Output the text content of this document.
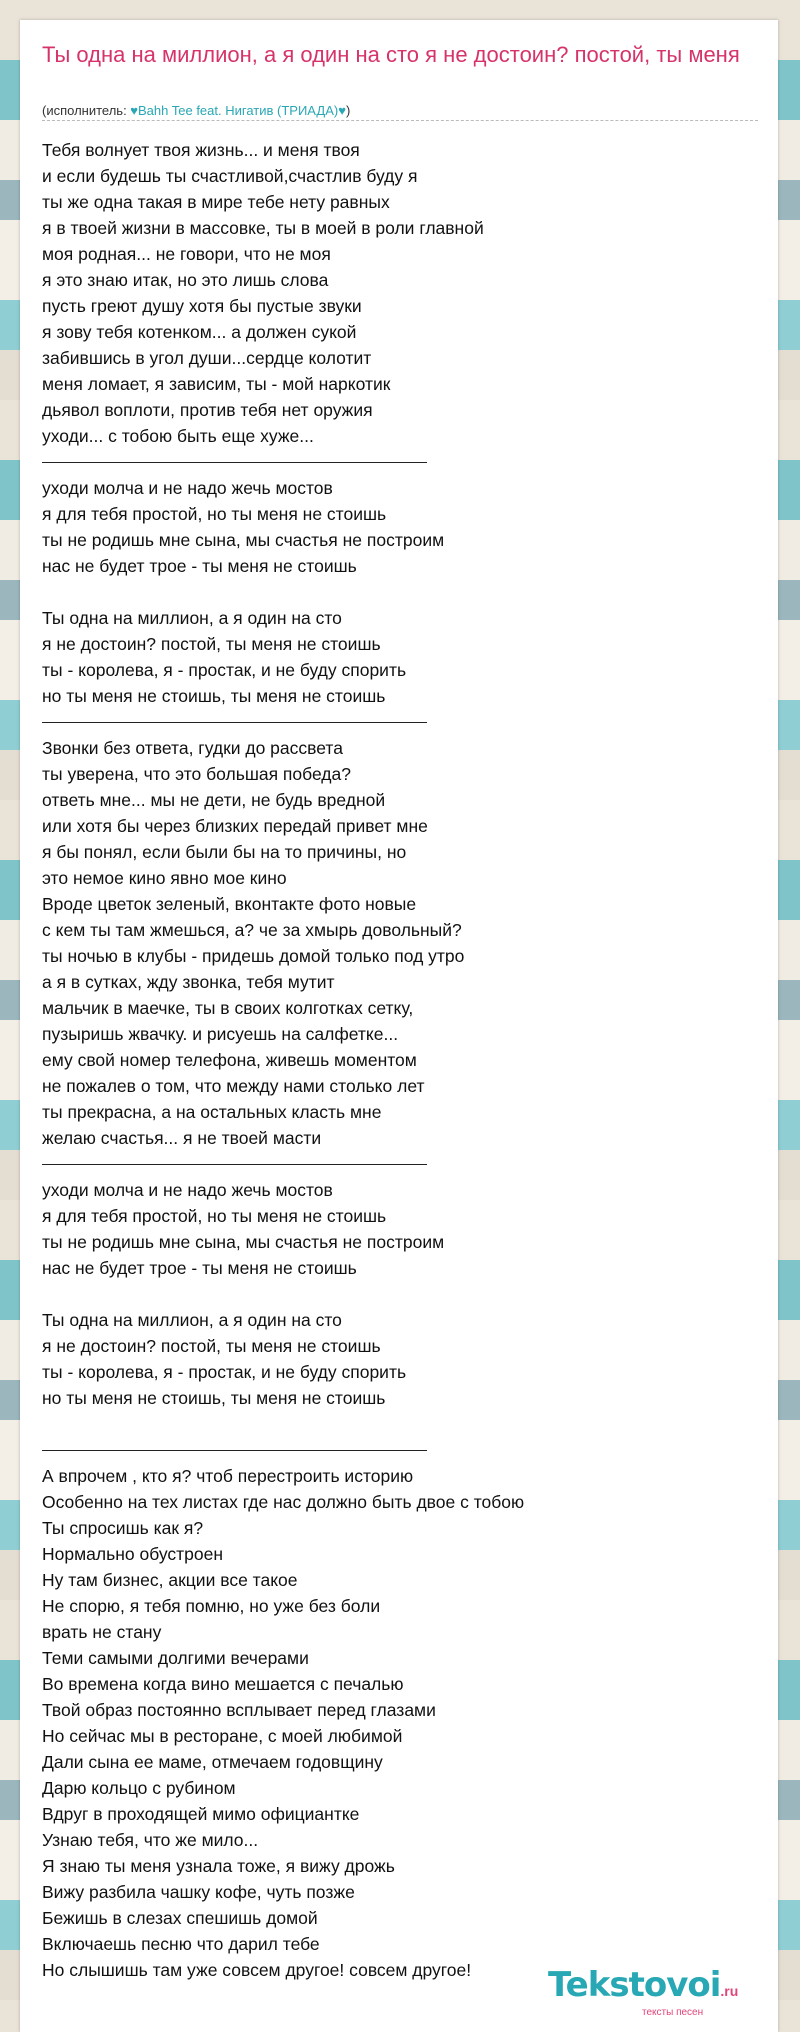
Ты одна на миллион, а я один на сто я не достоин? постой, ты меня
(исполнитель: ♥Bahh Tee feat. Нигатив (ТРИАДА)♥)
Тебя волнует твоя жизнь... и меня твоя
и если будешь ты счастливой,счастлив буду я
ты же одна такая в мире тебе нету равных
я в твоей жизни в массовке, ты в моей в роли главной
моя родная... не говори, что не моя
я это знаю итак, но это лишь слова
пусть греют душу хотя бы пустые звуки
я зову тебя котенком... а должен сукой
забившись в угол души...сердце колотит
меня ломает, я зависим, ты - мой наркотик
дьявол воплоти, против тебя нет оружия
уходи... с тобою быть еще хуже...
уходи молча и не надо жечь мостов
я для тебя простой, но ты меня не стоишь
ты не родишь мне сына, мы счастья не построим
нас не будет трое - ты меня не стоишь
Ты одна на миллион, а я один на сто
я не достоин? постой, ты меня не стоишь
ты - королева, я - простак, и не буду спорить
но ты меня не стоишь, ты меня не стоишь
Звонки без ответа, гудки до рассвета
ты уверена, что это большая победа?
ответь мне... мы не дети, не будь вредной
или хотя бы через близких передай привет мне
я бы понял, если были бы на то причины, но
это немое кино явно мое кино
Вроде цветок зеленый, вконтакте фото новые
с кем ты там жмешься, а? че за хмырь довольный?
ты ночью в клубы - придешь домой только под утро
а я в сутках, жду звонка, тебя мутит
мальчик в маечке, ты в своих колготках сетку,
пузыришь жвачку. и рисуешь на салфетке...
ему свой номер телефона, живешь моментом
не пожалев о том, что между нами столько лет
ты прекрасна, а на остальных класть мне
желаю счастья... я не твоей масти
уходи молча и не надо жечь мостов
я для тебя простой, но ты меня не стоишь
ты не родишь мне сына, мы счастья не построим
нас не будет трое - ты меня не стоишь
Ты одна на миллион, а я один на сто
я не достоин? постой, ты меня не стоишь
ты - королева, я - простак, и не буду спорить
но ты меня не стоишь, ты меня не стоишь
А впрочем , кто я? чтоб перестроить историю
Особенно на тех листах где нас должно быть двое с тобою
Ты спросишь как я?
Нормально обустроен
Ну там бизнес, акции все такое
Не спорю, я тебя помню, но уже без боли
врать не стану
Теми самыми долгими вечерами
Во времена когда вино мешается с печалью
Твой образ постоянно всплывает перед глазами
Но сейчас мы в ресторане, с моей любимой
Дали сына ее маме, отмечаем годовщину
Дарю кольцо с рубином
Вдруг в проходящей мимо официантке
Узнаю тебя, что же мило...
Я знаю ты меня узнала тоже, я вижу дрожь
Вижу разбила чашку кофе, чуть позже
Бежишь в слезах спешишь домой
Включаешь песню что дарил тебе
Но слышишь там уже совсем другое! совсем другое!	Tekstovoi.ru
тексты песен
